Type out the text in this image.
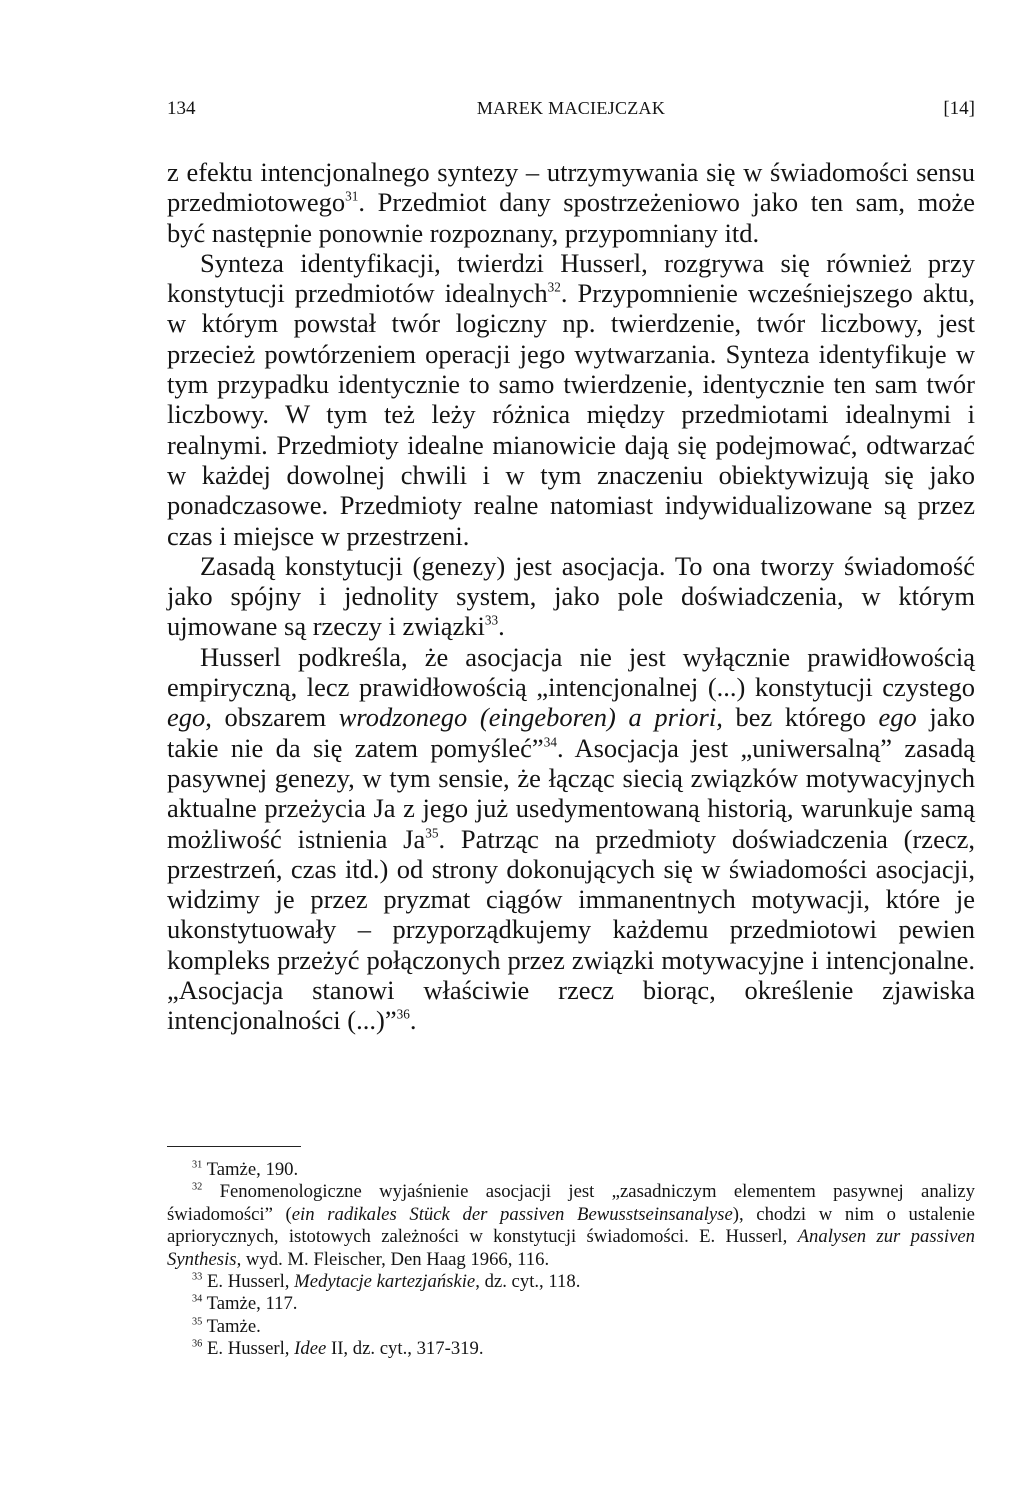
134	MAREK MACIEJCZAK	[14]

z efektu intencjonalnego syntezy – utrzymywania się w świadomości sensu przedmiotowego$^{31}$. Przedmiot dany spostrzeżeniowo jako ten sam, może być następnie ponownie rozpoznany, przypomniany itd.

Synteza identyfikacji, twierdzi Husserl, rozgrywa się również przy konstytucji przedmiotów idealnych$^{32}$. Przypomnienie wcześniejszego aktu, w którym powstał twór logiczny np. twierdzenie, twór liczbowy, jest przecież powtórzeniem operacji jego wytwarzania. Synteza identyfikuje w tym przypadku identycznie to samo twierdzenie, identycznie ten sam twór liczbowy. W tym też leży różnica między przedmiotami idealnymi i realnymi. Przedmioty idealne mianowicie dają się podejmować, odtwarzać w każdej dowolnej chwili i w tym znaczeniu obiektywizują się jako ponadczasowe. Przedmioty realne natomiast indywidualizowane są przez czas i miejsce w przestrzeni.

Zasadą konstytucji (genezy) jest asocjacja. To ona tworzy świadomość jako spójny i jednolity system, jako pole doświadczenia, w którym ujmowane są rzeczy i związki$^{33}$.

Husserl podkreśla, że asocjacja nie jest wyłącznie prawidłowością empiryczną, lecz prawidłowością „intencjonalnej (...) konstytucji czystego ego, obszarem wrodzonego (eingeboren) a priori, bez którego ego jako takie nie da się zatem pomyśleć”$^{34}$. Asocjacja jest „uniwersalną” zasadą pasywnej genezy, w tym sensie, że łącząc siecią związków motywacyjnych aktualne przeżycia Ja z jego już usedymentowaną historią, warunkuje samą możliwość istnienia Ja$^{35}$. Patrząc na przedmioty doświadczenia (rzecz, przestrzeń, czas itd.) od strony dokonujących się w świadomości asocjacji, widzimy je przez pryzmat ciągów immanentnych motywacji, które je ukonstytuowały – przyporządkujemy każdemu przedmiotowi pewien kompleks przeżyć połączonych przez związki motywacyjne i intencjonalne. „Asocjacja stanowi właściwie rzecz biorąc, określenie zjawiska intencjonalności (...)”$^{36}$.

$^{31}$ Tamże, 190.

$^{32}$ Fenomenologiczne wyjaśnienie asocjacji jest „zasadniczym elementem pasywnej analizy świadomości” (ein radikales Stück der passiven Bewusstseinsanalyse), chodzi w nim o ustalenie apriorycznych, istotowych zależności w konstytucji świadomości. E. Husserl, Analysen zur passiven Synthesis, wyd. M. Fleischer, Den Haag 1966, 116.

$^{33}$ E. Husserl, Medytacje kartezjańskie, dz. cyt., 118.

$^{34}$ Tamże, 117.

$^{35}$ Tamże.

$^{36}$ E. Husserl, Idee II, dz. cyt., 317-319.
